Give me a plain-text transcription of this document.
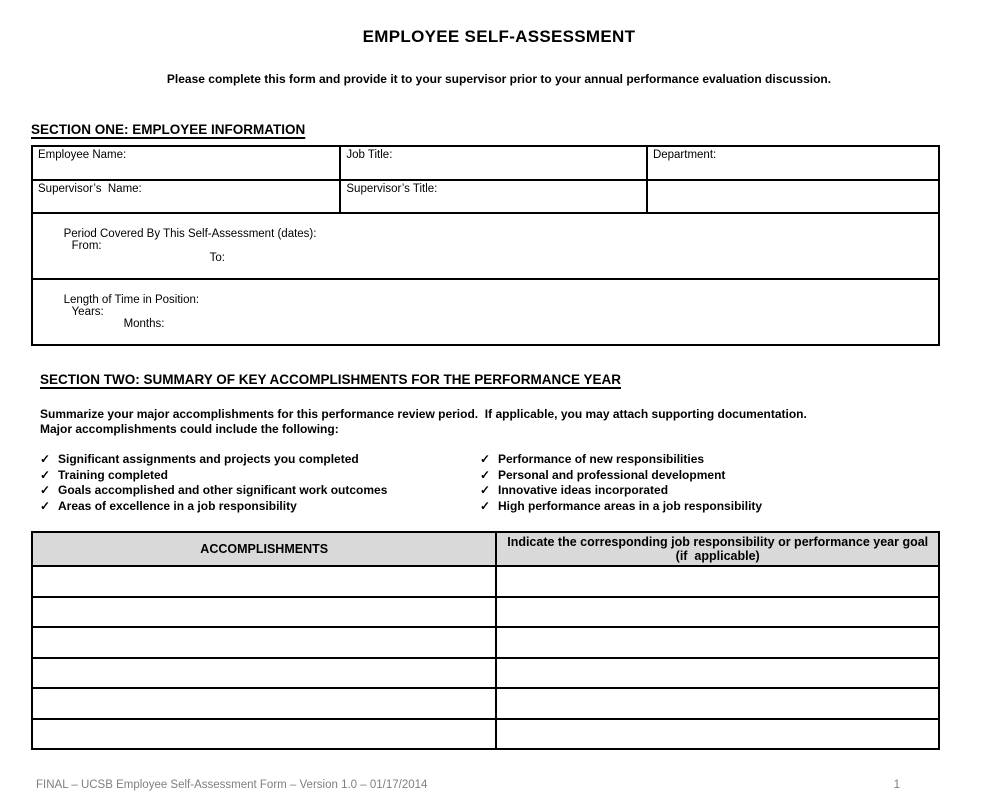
EMPLOYEE SELF-ASSESSMENT

Please complete this form and provide it to your supervisor prior to your annual performance evaluation discussion.

SECTION ONE: EMPLOYEE INFORMATION
Employee Name:	Job Title:	Department:
Supervisor’s  Name:	Supervisor’s Title:	

Period Covered By This Self-Assessment (dates):
From:
To:		

Length of Time in Position:
Years:
Months:		

SECTION TWO: SUMMARY OF KEY ACCOMPLISHMENTS FOR THE PERFORMANCE YEAR

Summarize your major accomplishments for this performance review period.  If applicable, you may attach supporting documentation.
Major accomplishments could include the following:

✓ Significant assignments and projects you completed
✓ Training completed
✓ Goals accomplished and other significant work outcomes
✓ Areas of excellence in a job responsibility
✓ Performance of new responsibilities
✓ Personal and professional development
✓ Innovative ideas incorporated
✓ High performance areas in a job responsibility
ACCOMPLISHMENTS	Indicate the corresponding job responsibility or performance year goal (if  applicable)

FINAL – UCSB Employee Self-Assessment Form – Version 1.0 – 01/17/2014	1
